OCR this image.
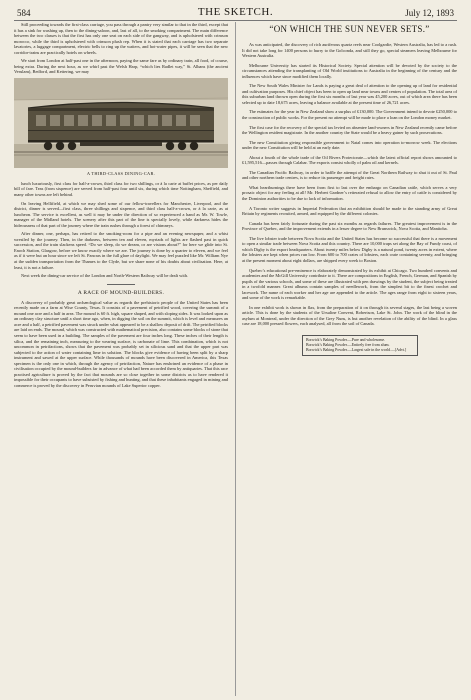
584	THE SKETCH.	July 12, 1893

Still proceeding towards the first-class carriage, you pass through a pantry very similar to that in the third, except that it has a sink for washing up, then to the dining-saloon, and, last of all, to the smoking compartment. The main difference between the two classes is that the first has only one seat on each side of the gangway, and is upholstered with crimson morocco, while the third is upholstered with crimson plush rep. When it is stated that each carriage has two separate lavatories, a luggage compartment, electric bells to ring up the waiters, and hot-water pipes, it will be seen that the new corridor-trains are practically hotels on wheels.

We start from London at half-past one in the afternoon, paying the same fare as by ordinary train, all food, of course, being extra. During the next hour, as we whirl past the Welsh Harp, “which lies Radlet way,” St. Albans (the ancient Verulam), Bedford, and Kettering, we may

A THIRD-CLASS DINING-CAR.

lunch luxuriously, first class for half-a-crown, third class for two shillings, or à la carte at buffet prices, as per daily bill of fare. Teas (from sixpence) are served from half-past four until six, during which time Nottingham, Sheffield, and many other towns are left behind.

On leaving Hellifield, at which we may shed some of our fellow-travellers for Manchester, Liverpool, and the district, dinner is served—first class, three shillings and sixpence, and third class half-a-crown, or à la carte, as at luncheon. The service is excellent, as well it may be under the direction of so experienced a hand as Mr. W. Towle, manager of the Midland hotels. The scenery after this part of the line is specially lovely, while darkness hides the hideousness of that part of the journey where the train rushes through a forest of chimneys.

After dinner, one, perhaps, has retired to the smoking-room for a pipe and an evening newspaper, and a whist wrestled by the journey. Then, in the darkness, between ten and eleven, myriads of lights are flashed past in quick succession, and the train slackens speed. “Do we sleep, do we dream, or are visions about?” for here we glide into St. Enoch Station, Glasgow, before we know exactly where we are. The journey is done by a quarter to eleven, and we feel as if it were but an hour since we left St. Pancras in the full glare of daylight. We may feel puzzled like Mr. William Nye at the sudden transportation from the Thames to the Clyde, but we share none of his doubts about civilisation. Here, at least, it is not a failure.

Next week the dining-car service of the London and North-Western Railway will be dealt with.

A RACE OF MOUND-BUILDERS.

A discovery of probably great archæological value as regards the prehistoric people of the United States has been recently made on a farm at Wise County, Texas. It consists of a pavement of petrified wood, covering the summit of a mound one acre and a half in area. The mound is 60 ft. high, square shaped, and with sloping sides. It was looked upon as an ordinary clay structure until a short time ago, when, in digging the soil on the summit, which is level and measures an acre and a half, a petrified pavement was struck under what appeared to be a shallow deposit of drift. The petrified blocks are laid on ends. The mound, which was constructed with mathematical precision, also contains some blocks of stone that seem to have been used in a building. The samples of the pavement are four inches long. These inches of their length is silica, and the remaining inch, measuring to the wearing surface, is carbonate of lime. This combination, which is not uncommon in petrifactions, shows that the pavement was probably set in silicious sand and that the upper part was subjected to the action of water containing lime in solution. The blocks give evidence of having been split by a sharp instrument and sawed at the upper surface. While thousands of mounds have been discovered in America, this Texas specimen is the only one in which, through the agency of petrifaction, Nature has enshrined an evidence of a phase in civilisation occupied by the mound-builders far in advance of what had been accorded them by antiquaries. That this race practised agriculture is proved by the fact that mounds are so close together in some districts as to have rendered it impossible for their occupants to have subsisted by fishing and hunting, and that these inhabitants engaged in mining and commerce is proved by the discovery in Peruvian mounds of Lake Superior copper.

“ON WHICH THE SUN NEVER SETS.”

As was anticipated, the discovery of rich auriferous quartz reefs near Coolgardie, Western Australia, has led to a rush. It did not take long for 1400 persons to hurry to the Golconda, and still they go, special steamers leaving Melbourne for Western Australia.

Melbourne University has started its Historical Society. Special attention will be devoted by the society to the circumstances attending the transplanting of Old World institutions to Australia in the beginning of the century and the influences which have since modified them locally.

The New South Wales Minister for Lands is paying a great deal of attention to the opening up of land for residential and cultivation purposes. His chief object has been to open up land near towns and centres of population. The total area of this suburban land thrown open during the first six months of last year was 45,200 acres, out of which area there has been selected up to date 18,675 acres, leaving a balance available at the present time of 26,721 acres.

The estimates for the year in New Zealand show a surplus of £130,000. The Government intend to devote £250,000 to the construction of public works. For the present no attempt will be made to place a loan on the London money market.

The first case for the recovery of the special tax levied on absentee land-owners in New Zealand recently came before the Wellington resident magistrate. In the another country the State would be a heavy gainer by such prosecutions.

The new Constitution giving responsible government to Natal comes into operation to-morrow week. The elections under the new Constitution will be held at an early date.

About a fourth of the whole trade of the Oil Rivers Protectorate—which the latest official report shows amounted to £1,595,516—passes through Calabar. The exports consist wholly of palm oil and kernels.

The Canadian Pacific Railway, in order to baffle the attempt of the Great Northern Railway to shut it out of St. Paul and other northern trade centres, is to reduce its passenger and freight rates.

What heartburnings there have been from first to last over the embargo on Canadian cattle, which serves a very prosaic object for any feeling at all! Mr. Herbert Gardner’s reiterated refusal to allow the entry of cattle is considered by the Dominion authorities to be due to lack of information.

A Toronto writer suggests in Imperial Federation that an exhibition should be made to the standing army of Great Britain by regiments recruited, armed, and equipped by the different colonies.

Canada has been fairly fortunate during the past six months as regards failures. The greatest improvement is in the Province of Quebec, and the improvement extends in a lesser degree to New Brunswick, Nova Scotia, and Manitoba.

The live lobster trade between Nova Scotia and the United States has become so successful that there is a movement to open a similar trade between Nova Scotia and this country. There are 10,000 traps set along the Bay of Fundy coast, of which Digby is the export headquarters. About twenty miles below Digby is a natural pond, twenty acres in extent, where the lobsters are kept when prices run low. From 600 to 700 crates of lobsters, each crate containing seventy, and bringing at the present moment about eight dollars, are shipped every week to Boston.

Quebec’s educational pre-eminence is elaborately demonstrated by its exhibit at Chicago. Two hundred convents and academies and the McGill University contribute to it. There are compositions in English, French, German, and Spanish by pupils of the various schools, and some of these are illustrated with pen drawings by the student, the subject being treated in a twofold manner. Great albums contain samples of needlework, from the simplest bit to the finest crochet and lacework. The name of each worker and her age are appended to the article. The ages range from eight to sixteen years, and some of the work is remarkable.

In one exhibit work is shown in flax, from the preparation of it on through its several stages, the last being a woven article. This is done by the students of the Ursuline Convent, Robertson, Lake St. John. The work of the blind in the asylum at Montreal, under the direction of the Grey Nuns, is but another revelation of the ability of the blind. In a glass case are 18,000 pressed flowers, each analysed, all from the soil of Canada.

Borwick’s Baking Powder.—Pure and wholesome.
Borwick’s Baking Powder.—Entirely free from alum.
Borwick’s Baking Powder.—Largest sale in the world.—[Advt.]
